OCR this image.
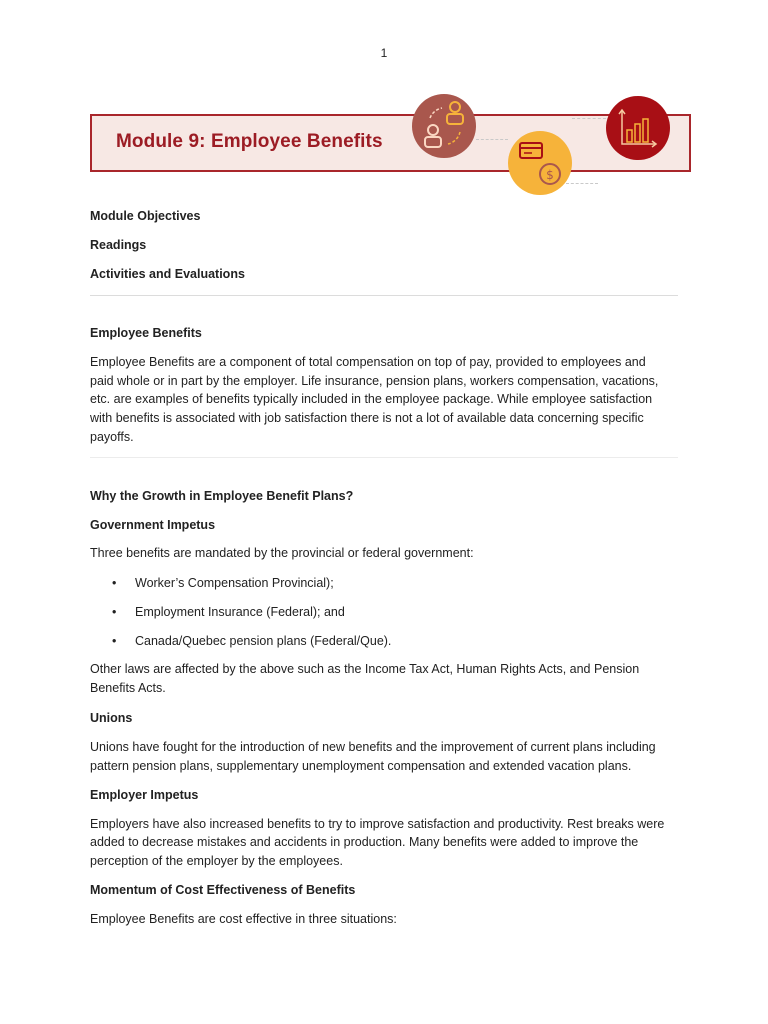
1
Module 9: Employee Benefits
$
Module Objectives
Readings
Activities and Evaluations
Employee Benefits
Employee Benefits are a component of total compensation on top of pay, provided to employees and
paid whole or in part by the employer. Life insurance, pension plans, workers compensation, vacations,
etc. are examples of benefits typically included in the employee package. While employee satisfaction
with benefits is associated with job satisfaction there is not a lot of available data concerning specific
payoffs.
Why the Growth in Employee Benefit Plans?
Government Impetus
Three benefits are mandated by the provincial or federal government:
• Worker’s Compensation Provincial);
• Employment Insurance (Federal); and
• Canada/Quebec pension plans (Federal/Que).
Other laws are affected by the above such as the Income Tax Act, Human Rights Acts, and Pension
Benefits Acts.
Unions
Unions have fought for the introduction of new benefits and the improvement of current plans including
pattern pension plans, supplementary unemployment compensation and extended vacation plans.
Employer Impetus
Employers have also increased benefits to try to improve satisfaction and productivity. Rest breaks were
added to decrease mistakes and accidents in production. Many benefits were added to improve the
perception of the employer by the employees.
Momentum of Cost Effectiveness of Benefits
Employee Benefits are cost effective in three situations:
